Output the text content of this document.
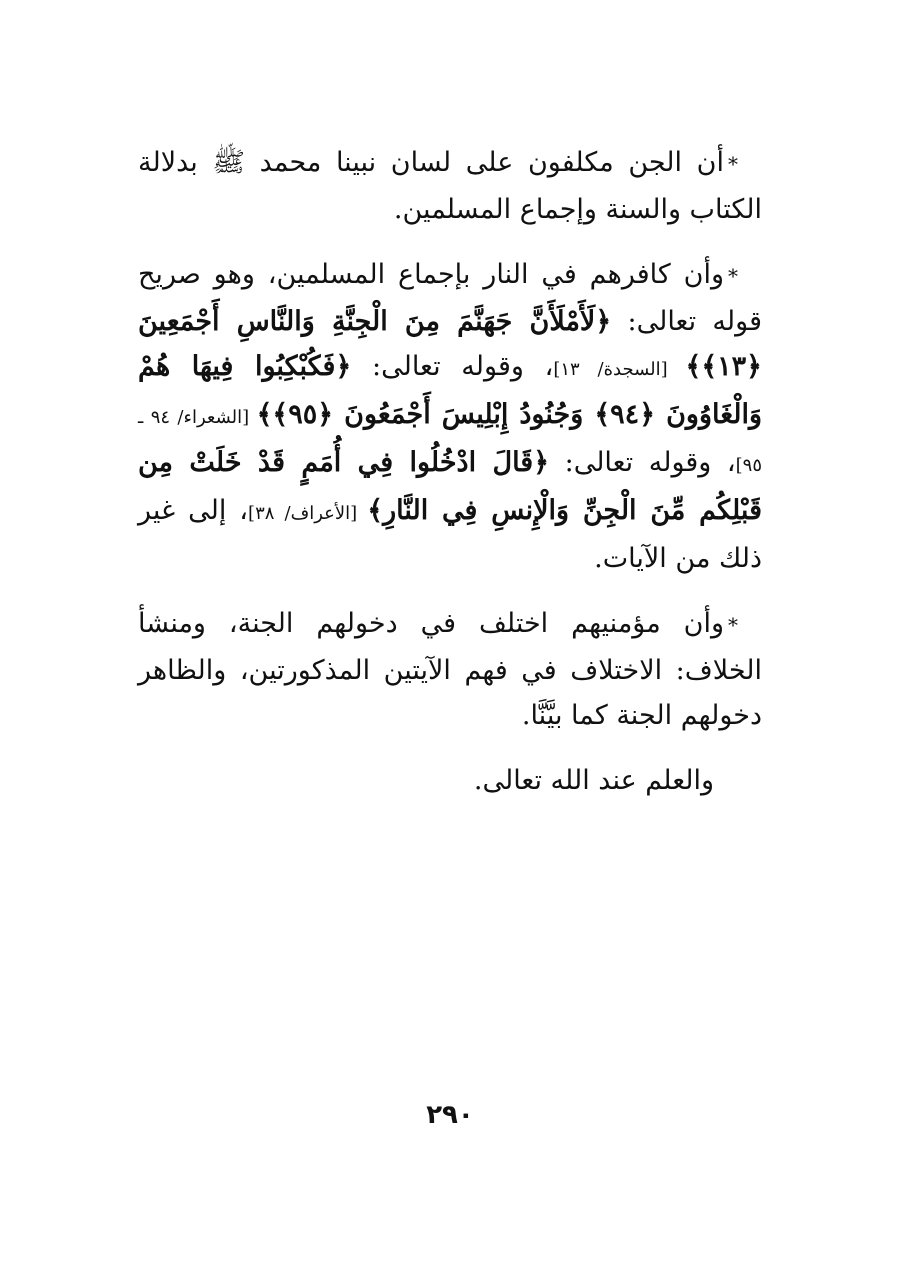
*أن الجن مكلفون على لسان نبينا محمد ﷺ بدلالة الكتاب والسنة وإجماع المسلمين.

*وأن كافرهم في النار بإجماع المسلمين، وهو صريح قوله تعالى: ﴿لَأَمْلَأَنَّ جَهَنَّمَ مِنَ الْجِنَّةِ وَالنَّاسِ أَجْمَعِينَ ﴿١٣﴾﴾ [السجدة/ ١٣]، وقوله تعالى: ﴿فَكُبْكِبُوا فِيهَا هُمْ وَالْغَاوُونَ ﴿٩٤﴾ وَجُنُودُ إِبْلِيسَ أَجْمَعُونَ ﴿٩٥﴾﴾ [الشعراء/ ٩٤ ـ ٩٥]، وقوله تعالى: ﴿قَالَ ادْخُلُوا فِي أُمَمٍ قَدْ خَلَتْ مِن قَبْلِكُم مِّنَ الْجِنِّ وَالْإِنسِ فِي النَّارِ﴾ [الأعراف/ ٣٨]، إلى غير ذلك من الآيات.

*وأن مؤمنيهم اختلف في دخولهم الجنة، ومنشأ الخلاف: الاختلاف في فهم الآيتين المذكورتين، والظاهر دخولهم الجنة كما بيَّنَّا.

والعلم عند الله تعالى.

٢٩٠
